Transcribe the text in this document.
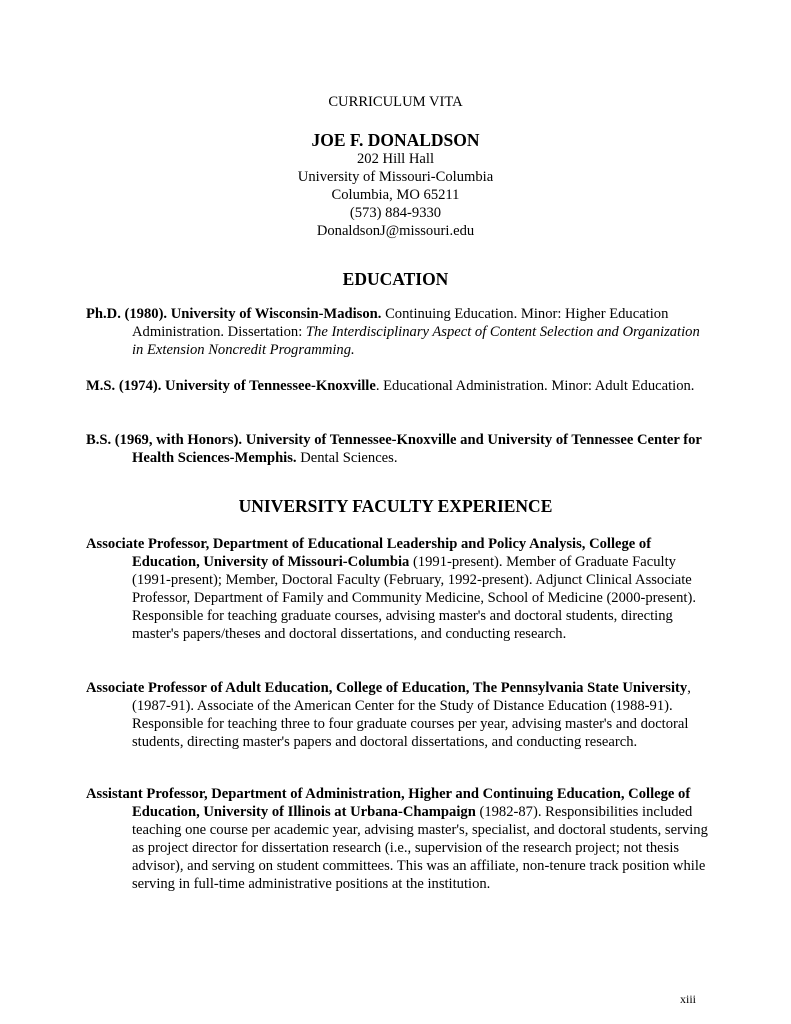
CURRICULUM VITA
JOE F. DONALDSON
202 Hill Hall
University of Missouri-Columbia
Columbia, MO 65211
(573) 884-9330
DonaldsonJ@missouri.edu
EDUCATION
Ph.D. (1980). University of Wisconsin-Madison. Continuing Education. Minor: Higher Education Administration. Dissertation: The Interdisciplinary Aspect of Content Selection and Organization in Extension Noncredit Programming.
M.S. (1974). University of Tennessee-Knoxville. Educational Administration. Minor: Adult Education.
B.S. (1969, with Honors). University of Tennessee-Knoxville and University of Tennessee Center for Health Sciences-Memphis. Dental Sciences.
UNIVERSITY FACULTY EXPERIENCE
Associate Professor, Department of Educational Leadership and Policy Analysis, College of Education, University of Missouri-Columbia (1991-present). Member of Graduate Faculty (1991-present); Member, Doctoral Faculty (February, 1992-present). Adjunct Clinical Associate Professor, Department of Family and Community Medicine, School of Medicine (2000-present). Responsible for teaching graduate courses, advising master's and doctoral students, directing master's papers/theses and doctoral dissertations, and conducting research.
Associate Professor of Adult Education, College of Education, The Pennsylvania State University, (1987-91). Associate of the American Center for the Study of Distance Education (1988-91). Responsible for teaching three to four graduate courses per year, advising master's and doctoral students, directing master's papers and doctoral dissertations, and conducting research.
Assistant Professor, Department of Administration, Higher and Continuing Education, College of Education, University of Illinois at Urbana-Champaign (1982-87). Responsibilities included teaching one course per academic year, advising master's, specialist, and doctoral students, serving as project director for dissertation research (i.e., supervision of the research project; not thesis advisor), and serving on student committees. This was an affiliate, non-tenure track position while serving in full-time administrative positions at the institution.
xiii
